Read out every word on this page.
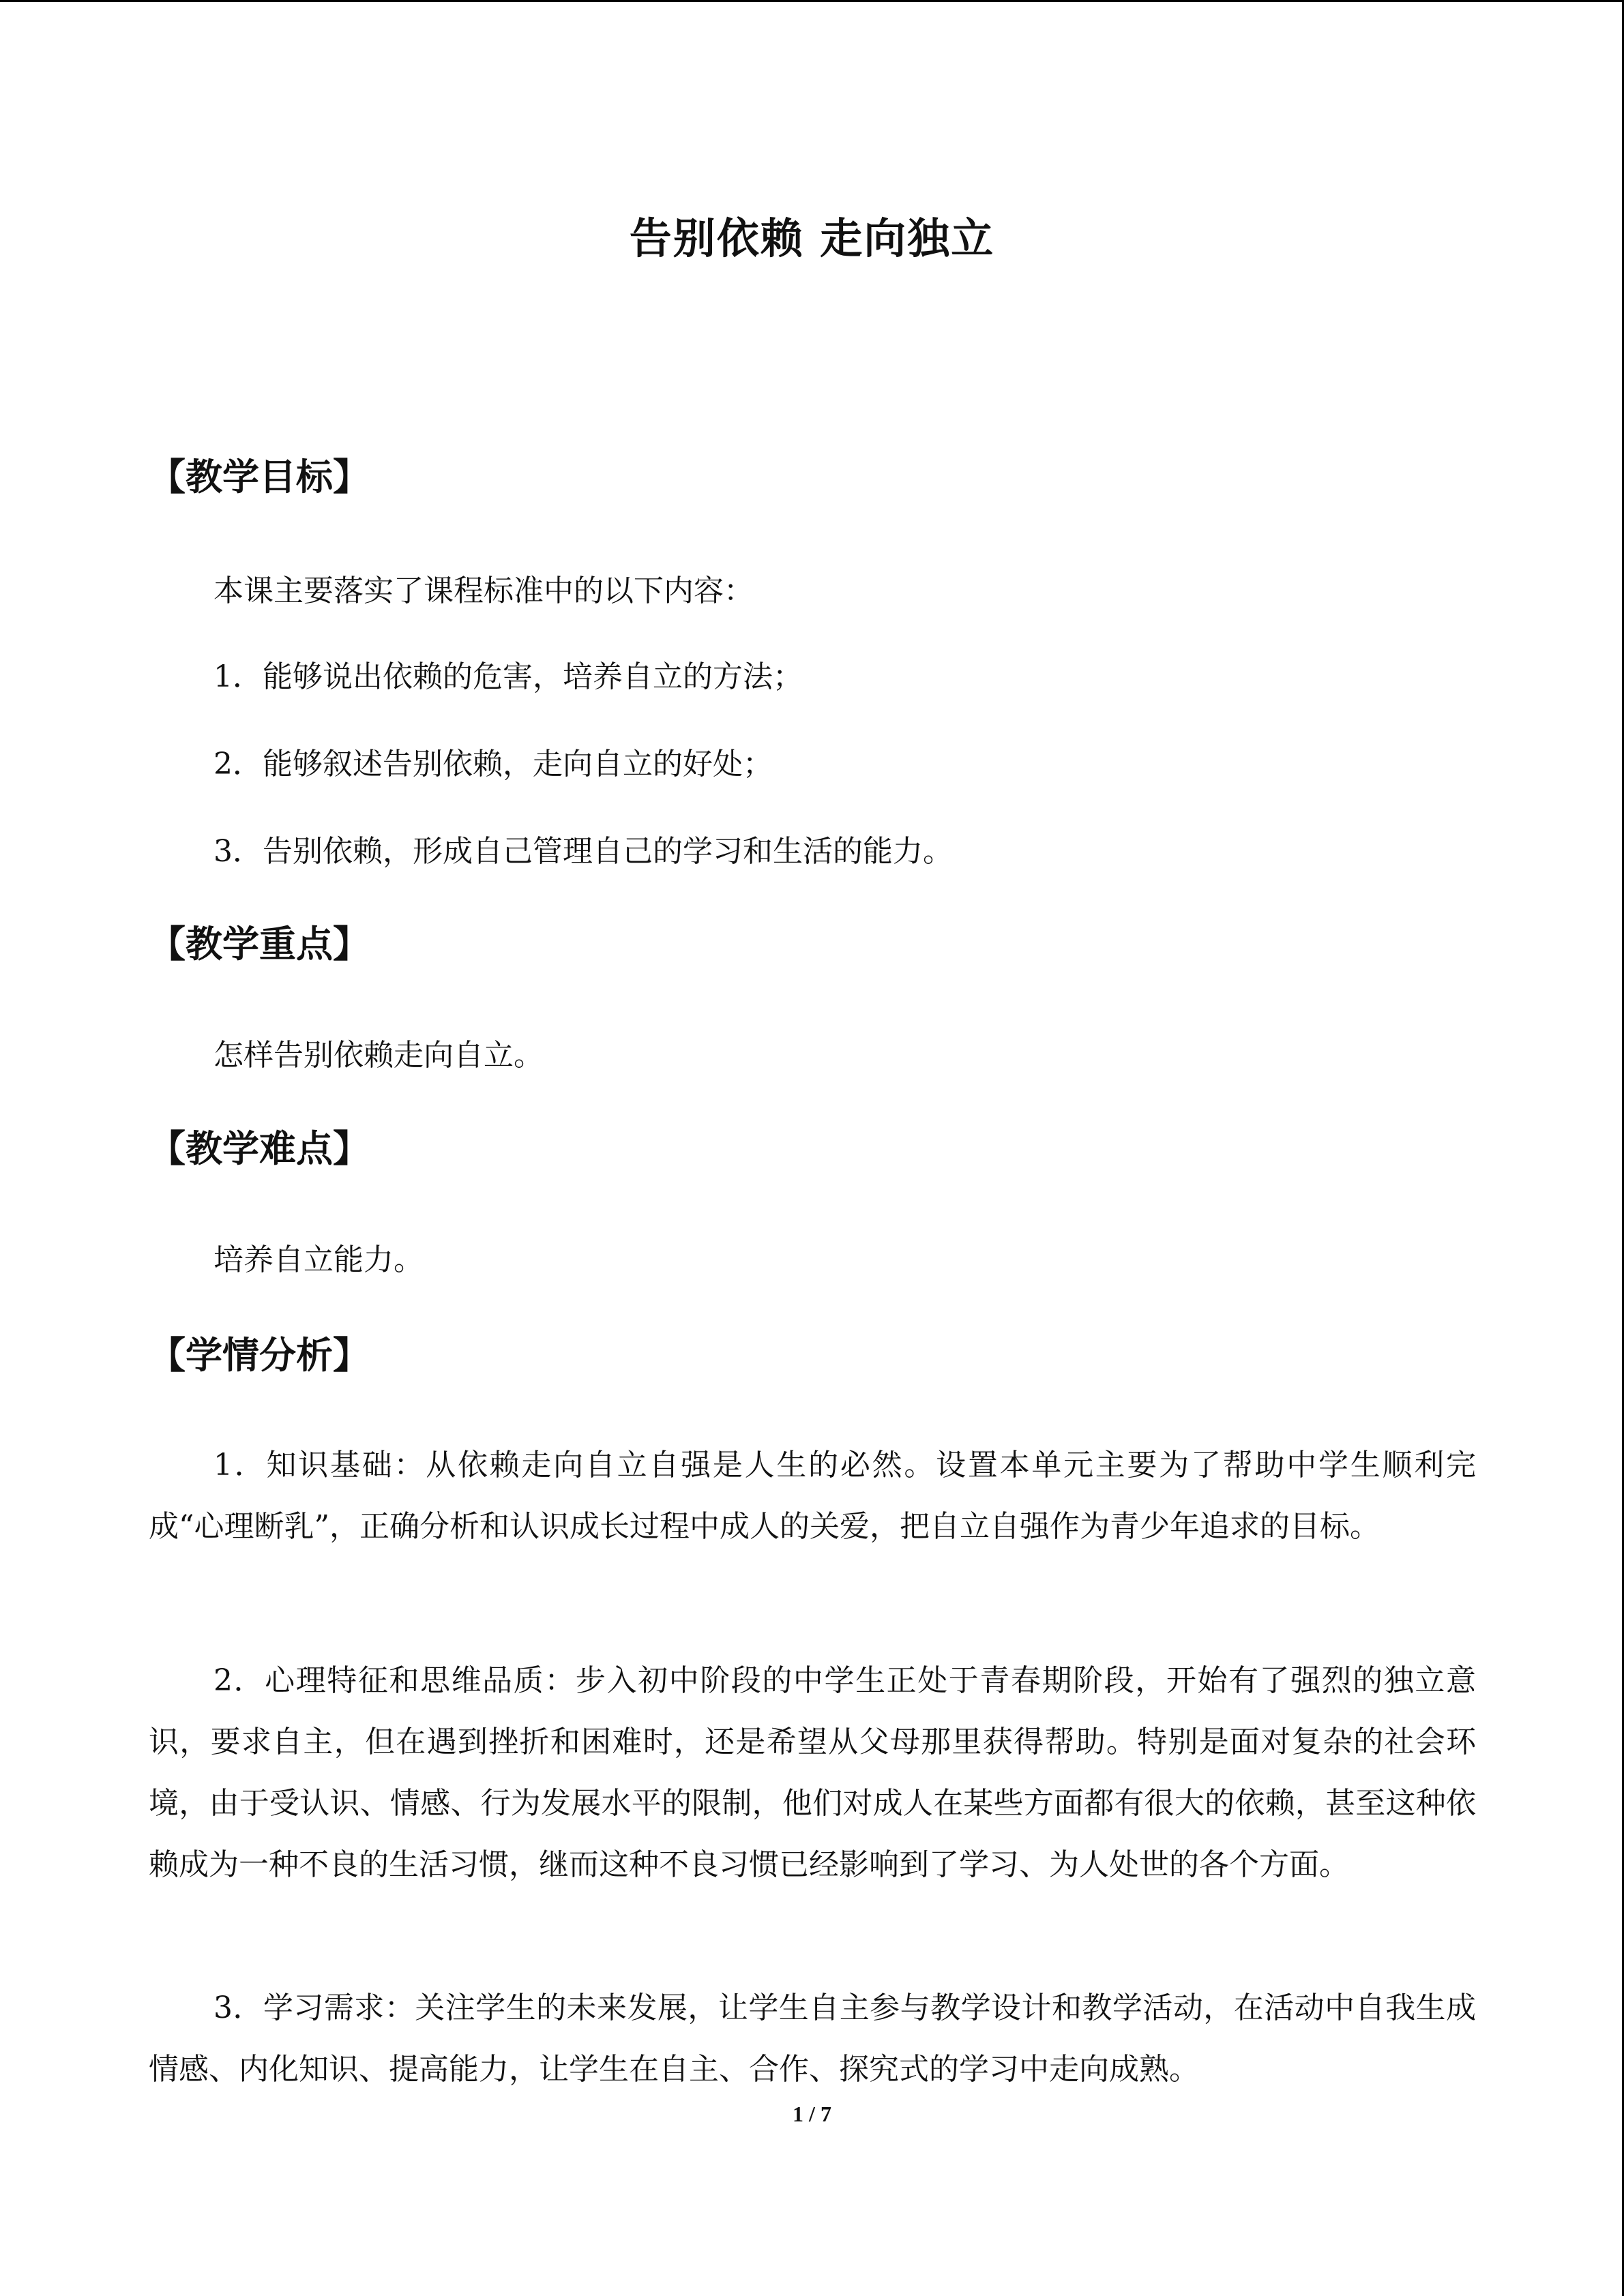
告别依赖 走向独立
【教学目标】

本课主要落实了课程标准中的以下内容：

1．能够说出依赖的危害，培养自立的方法；

2．能够叙述告别依赖，走向自立的好处；

3．告别依赖，形成自己管理自己的学习和生活的能力。

【教学重点】

怎样告别依赖走向自立。

【教学难点】

培养自立能力。

【学情分析】

1．知识基础：从依赖走向自立自强是人生的必然。设置本单元主要为了帮助中学生顺利完成“心理断乳”，正确分析和认识成长过程中成人的关爱，把自立自强作为青少年追求的目标。

2．心理特征和思维品质：步入初中阶段的中学生正处于青春期阶段，开始有了强烈的独立意识，要求自主，但在遇到挫折和困难时，还是希望从父母那里获得帮助。特别是面对复杂的社会环境，由于受认识、情感、行为发展水平的限制，他们对成人在某些方面都有很大的依赖，甚至这种依赖成为一种不良的生活习惯，继而这种不良习惯已经影响到了学习、为人处世的各个方面。

3．学习需求：关注学生的未来发展，让学生自主参与教学设计和教学活动，在活动中自我生成情感、内化知识、提高能力，让学生在自主、合作、探究式的学习中走向成熟。

1 / 7
